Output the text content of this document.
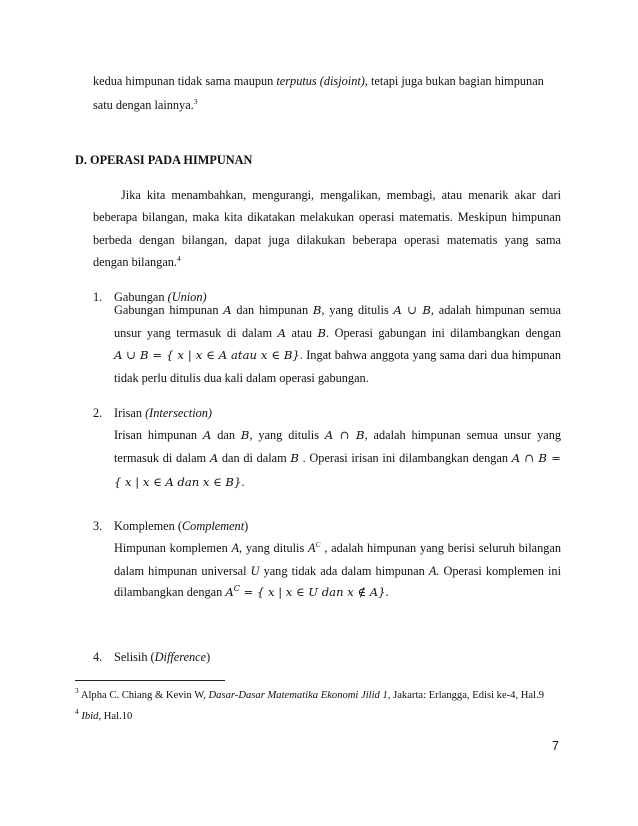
kedua himpunan tidak sama maupun terputus (disjoint), tetapi juga bukan bagian himpunan
satu dengan lainnya.$^3$
D. OPERASI PADA HIMPUNAN
Jika kita menambahkan, mengurangi, mengalikan, membagi, atau menarik akar dari
beberapa bilangan, maka kita dikatakan melakukan operasi matematis. Meskipun himpunan
berbeda dengan bilangan, dapat juga dilakukan beberapa operasi matematis yang sama
dengan bilangan.$^4$
1. Gabungan (Union)
Gabungan himpunan A dan himpunan B, yang ditulis A ∪ B, adalah himpunan semua
unsur yang termasuk di dalam A atau B. Operasi gabungan ini dilambangkan dengan
A ∪ B = { x | x ∈ A atau x ∈ B}. Ingat bahwa anggota yang sama dari dua himpunan
tidak perlu ditulis dua kali dalam operasi gabungan.
2. Irisan (Intersection)
Irisan himpunan A dan B, yang ditulis A ∩ B, adalah himpunan semua unsur yang
termasuk di dalam A dan di dalam B . Operasi irisan ini dilambangkan dengan A ∩ B =
{ x | x ∈ A dan x ∈ B}.
3. Komplemen (Complement)
Himpunan komplemen A, yang ditulis $A^C$ , adalah himpunan yang berisi seluruh bilangan
dalam himpunan universal U yang tidak ada dalam himpunan A. Operasi komplemen ini
dilambangkan dengan $A^C$ = { x | x ∈ U dan x ∉ A}.
4. Selisih (Difference)
$^3$ Alpha C. Chiang & Kevin W, Dasar-Dasar Matematika Ekonomi Jilid 1, Jakarta: Erlangga, Edisi ke-4, Hal.9
$^4$ Ibid, Hal.10
7
